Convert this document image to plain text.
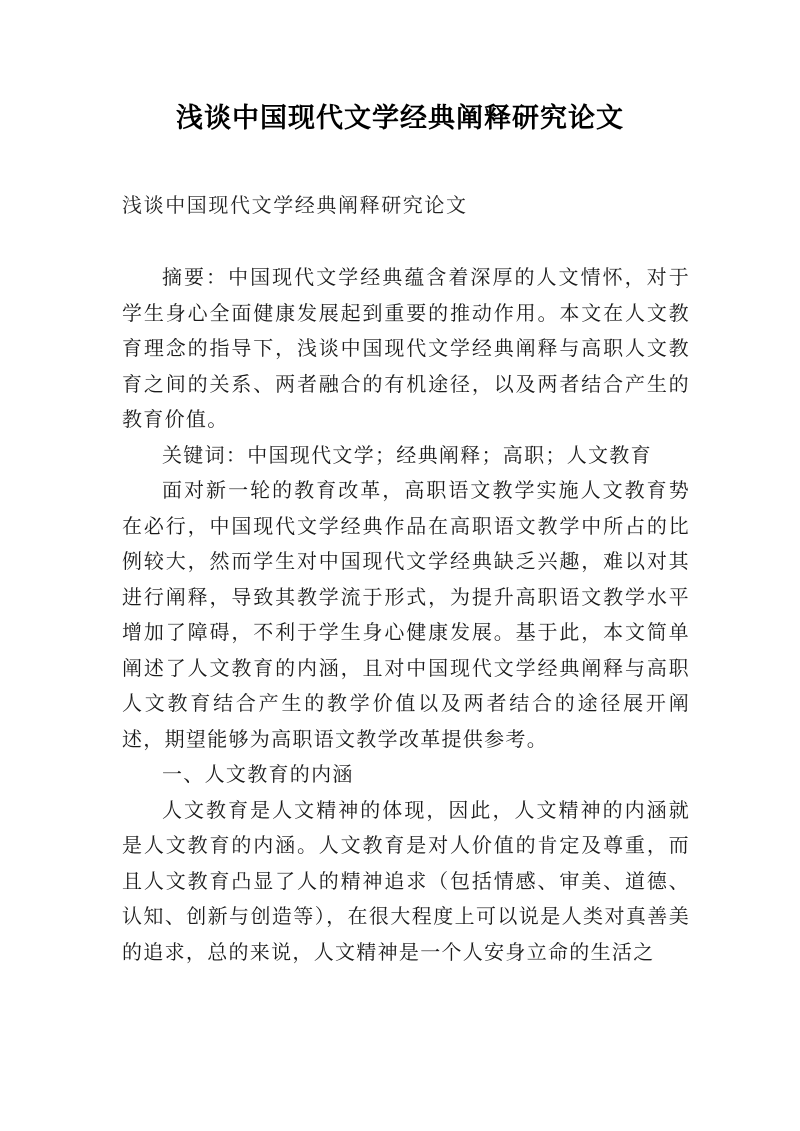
浅谈中国现代文学经典阐释研究论文
浅谈中国现代文学经典阐释研究论文

摘要：中国现代文学经典蕴含着深厚的人文情怀，对于学生身心全面健康发展起到重要的推动作用。本文在人文教育理念的指导下，浅谈中国现代文学经典阐释与高职人文教育之间的关系、两者融合的有机途径，以及两者结合产生的教育价值。

关键词：中国现代文学；经典阐释；高职；人文教育

面对新一轮的教育改革，高职语文教学实施人文教育势在必行，中国现代文学经典作品在高职语文教学中所占的比例较大，然而学生对中国现代文学经典缺乏兴趣，难以对其进行阐释，导致其教学流于形式，为提升高职语文教学水平增加了障碍，不利于学生身心健康发展。基于此，本文简单阐述了人文教育的内涵，且对中国现代文学经典阐释与高职人文教育结合产生的教学价值以及两者结合的途径展开阐述，期望能够为高职语文教学改革提供参考。

一、人文教育的内涵

人文教育是人文精神的体现，因此，人文精神的内涵就是人文教育的内涵。人文教育是对人价值的肯定及尊重，而且人文教育凸显了人的精神追求（包括情感、审美、道德、认知、创新与创造等），在很大程度上可以说是人类对真善美的追求，总的来说，人文精神是一个人安身立命的生活之
